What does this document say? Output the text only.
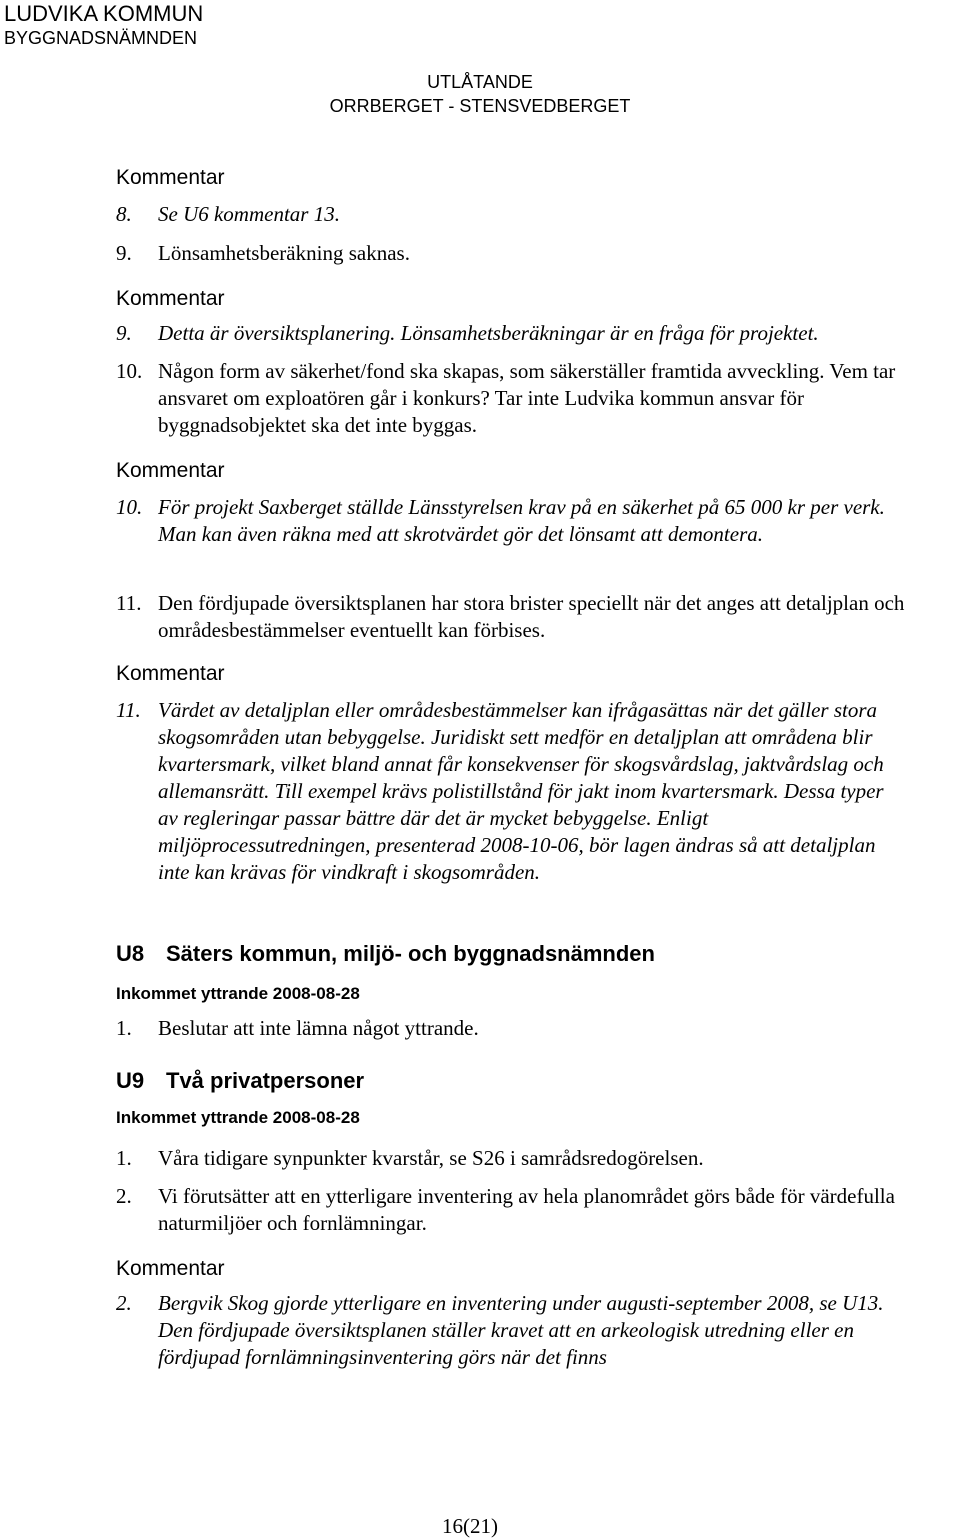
LUDVIKA KOMMUN
BYGGNADSNÄMNDEN
UTLÅTANDE
ORRBERGET - STENSVEDBERGET
Kommentar
8. Se U6 kommentar 13.
9. Lönsamhetsberäkning saknas.
Kommentar
9. Detta är översiktsplanering. Lönsamhetsberäkningar är en fråga för projektet.
10. Någon form av säkerhet/fond ska skapas, som säkerställer framtida avveckling. Vem tar ansvaret om exploatören går i konkurs? Tar inte Ludvika kommun ansvar för byggnadsobjektet ska det inte byggas.
Kommentar
10. För projekt Saxberget ställde Länsstyrelsen krav på en säkerhet på 65 000 kr per verk. Man kan även räkna med att skrotvärdet gör det lönsamt att demontera.
11. Den fördjupade översiktsplanen har stora brister speciellt när det anges att detaljplan och områdesbestämmelser eventuellt kan förbises.
Kommentar
11. Värdet av detaljplan eller områdesbestämmelser kan ifrågasättas när det gäller stora skogsområden utan bebyggelse. Juridiskt sett medför en detaljplan att områdena blir kvartersmark, vilket bland annat får konsekvenser för skogsvårdslag, jaktvårdslag och allemansrätt. Till exempel krävs polistillstånd för jakt inom kvartersmark. Dessa typer av regleringar passar bättre där det är mycket bebyggelse. Enligt miljöprocessutredningen, presenterad 2008-10-06, bör lagen ändras så att detaljplan inte kan krävas för vindkraft i skogsområden.
U8 Säters kommun, miljö- och byggnadsnämnden
Inkommet yttrande 2008-08-28
1. Beslutar att inte lämna något yttrande.
U9 Två privatpersoner
Inkommet yttrande 2008-08-28
1. Våra tidigare synpunkter kvarstår, se S26 i samrådsredogörelsen.
2. Vi förutsätter att en ytterligare inventering av hela planområdet görs både för värdefulla naturmiljöer och fornlämningar.
Kommentar
2. Bergvik Skog gjorde ytterligare en inventering under augusti-september 2008, se U13. Den fördjupade översiktsplanen ställer kravet att en arkeologisk utredning eller en fördjupad fornlämningsinventering görs när det finns
16(21)
